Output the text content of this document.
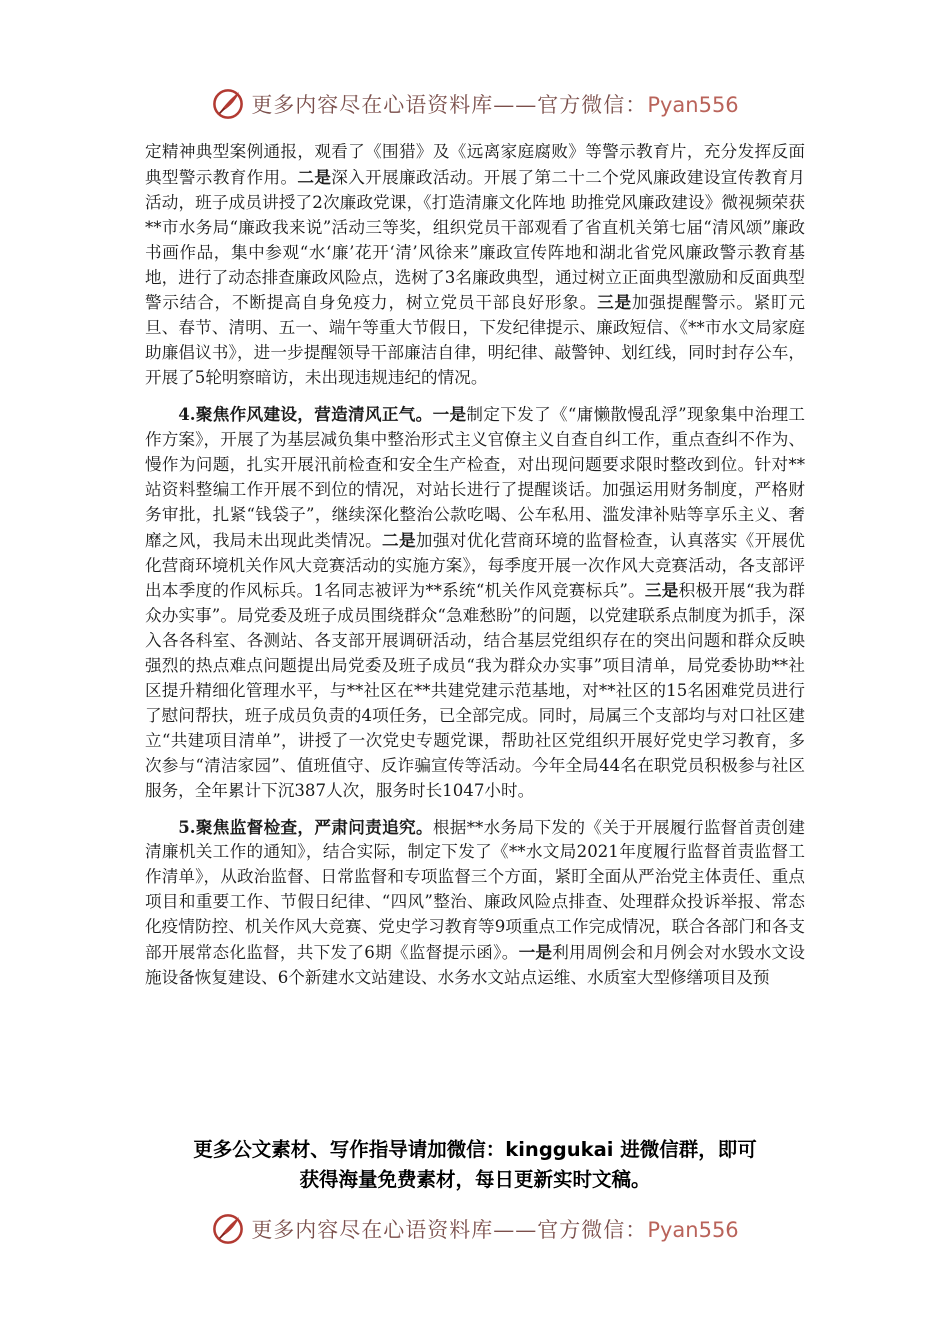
更多内容尽在心语资料库——官方微信：Pyan556

定精神典型案例通报，观看了《围猎》及《远离家庭腐败》等警示教育片，充分发挥反面典型警示教育作用。二是深入开展廉政活动。开展了第二十二个党风廉政建设宣传教育月活动，班子成员讲授了2次廉政党课，《打造清廉文化阵地 助推党风廉政建设》微视频荣获**市水务局“廉政我来说”活动三等奖，组织党员干部观看了省直机关第七届“清风颂”廉政书画作品，集中参观“水‘廉’花开‘清’风徐来”廉政宣传阵地和湖北省党风廉政警示教育基地，进行了动态排查廉政风险点，选树了3名廉政典型，通过树立正面典型激励和反面典型警示结合，不断提高自身免疫力，树立党员干部良好形象。三是加强提醒警示。紧盯元旦、春节、清明、五一、端午等重大节假日，下发纪律提示、廉政短信、《**市水文局家庭助廉倡议书》，进一步提醒领导干部廉洁自律，明纪律、敲警钟、划红线，同时封存公车，开展了5轮明察暗访，未出现违规违纪的情况。

4.聚焦作风建设，营造清风正气。一是制定下发了《“庸懒散慢乱浮”现象集中治理工作方案》，开展了为基层减负集中整治形式主义官僚主义自查自纠工作，重点查纠不作为、慢作为问题，扎实开展汛前检查和安全生产检查，对出现问题要求限时整改到位。针对**站资料整编工作开展不到位的情况，对站长进行了提醒谈话。加强运用财务制度，严格财务审批，扎紧“钱袋子”，继续深化整治公款吃喝、公车私用、滥发津补贴等享乐主义、奢靡之风，我局未出现此类情况。二是加强对优化营商环境的监督检查，认真落实《开展优化营商环境机关作风大竞赛活动的实施方案》，每季度开展一次作风大竞赛活动，各支部评出本季度的作风标兵。1名同志被评为**系统“机关作风竞赛标兵”。三是积极开展“我为群众办实事”。局党委及班子成员围绕群众“急难愁盼”的问题，以党建联系点制度为抓手，深入各各科室、各测站、各支部开展调研活动，结合基层党组织存在的突出问题和群众反映强烈的热点难点问题提出局党委及班子成员“我为群众办实事”项目清单，局党委协助**社区提升精细化管理水平，与**社区在**共建党建示范基地，对**社区的15名困难党员进行了慰问帮扶，班子成员负责的4项任务，已全部完成。同时，局属三个支部均与对口社区建立“共建项目清单”，讲授了一次党史专题党课，帮助社区党组织开展好党史学习教育，多次参与“清洁家园”、值班值守、反诈骗宣传等活动。今年全局44名在职党员积极参与社区服务，全年累计下沉387人次，服务时长1047小时。

5.聚焦监督检查，严肃问责追究。根据**水务局下发的《关于开展履行监督首责创建清廉机关工作的通知》，结合实际，制定下发了《**水文局2021年度履行监督首责监督工作清单》，从政治监督、日常监督和专项监督三个方面，紧盯全面从严治党主体责任、重点项目和重要工作、节假日纪律、“四风”整治、廉政风险点排查、处理群众投诉举报、常态化疫情防控、机关作风大竞赛、党史学习教育等9项重点工作完成情况，联合各部门和各支部开展常态化监督，共下发了6期《监督提示函》。一是利用周例会和月例会对水毁水文设施设备恢复建设、6个新建水文站建设、水务水文站点运维、水质室大型修缮项目及预

更多公文素材、写作指导请加微信：kinggukai 进微信群，即可
获得海量免费素材，每日更新实时文稿。
更多内容尽在心语资料库——官方微信：Pyan556
